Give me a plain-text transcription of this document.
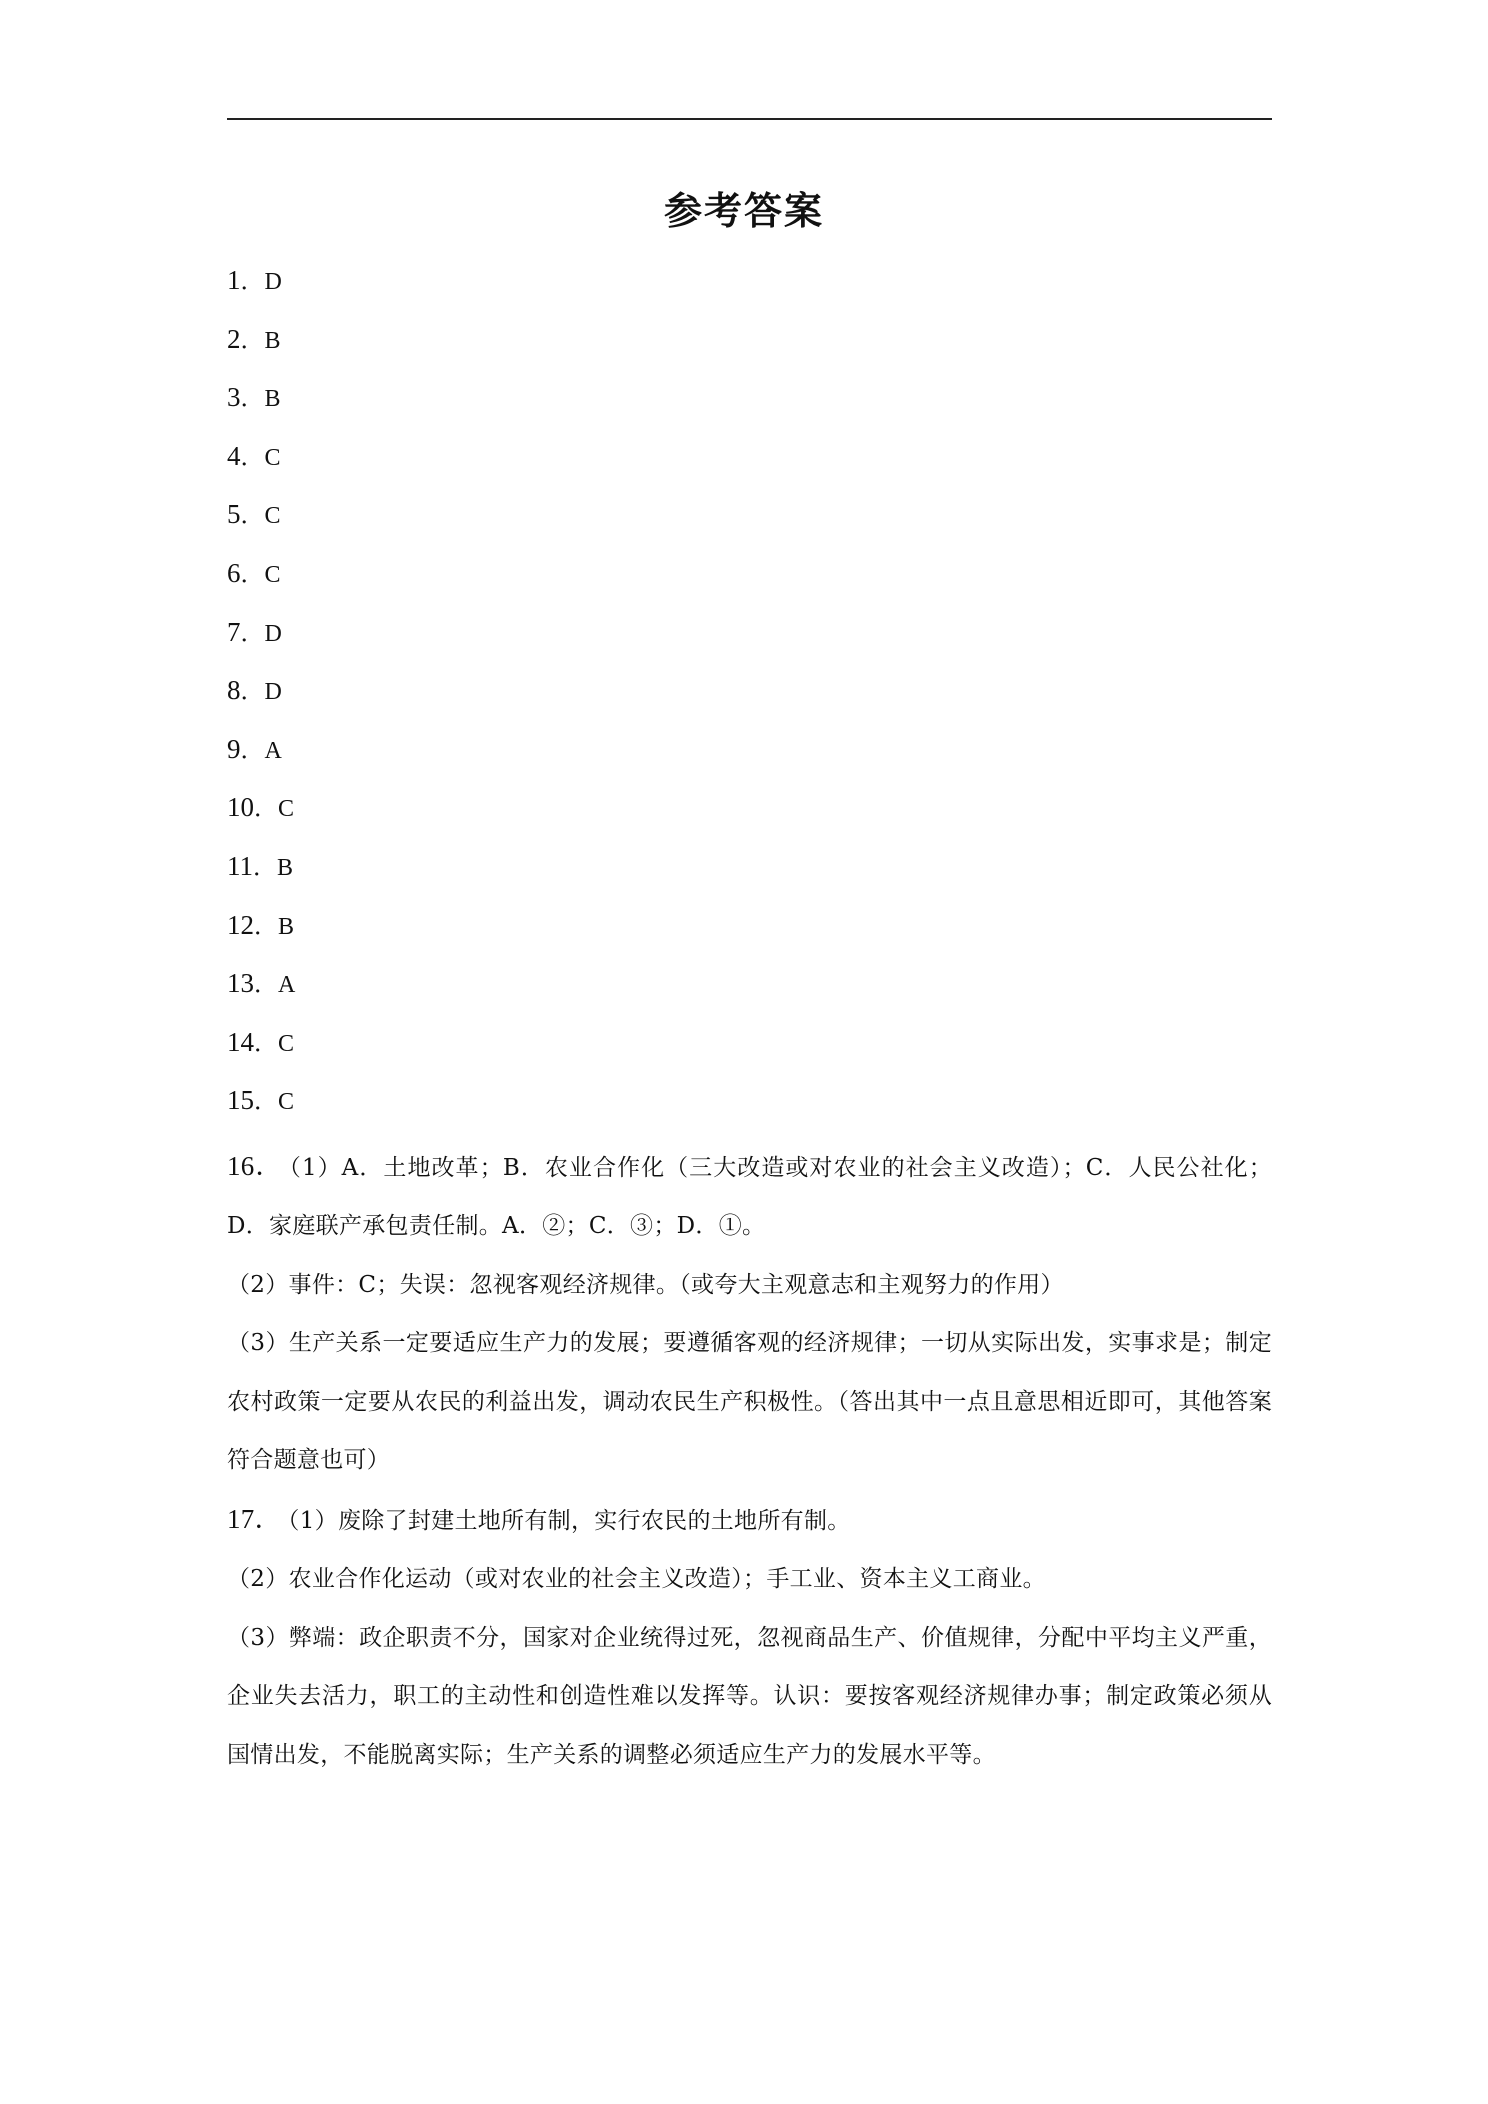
参考答案
1．D
2．B
3．B
4．C
5．C
6．C
7．D
8．D
9．A
10．C
11．B
12．B
13．A
14．C
15．C
16． （1）A．土地改革；B．农业合作化（三大改造或对农业的社会主义改造）；C．人民公社化；D．家庭联产承包责任制。A．②；C．③；D．①。
（2）事件：C；失误：忽视客观经济规律。（或夸大主观意志和主观努力的作用）
（3）生产关系一定要适应生产力的发展；要遵循客观的经济规律；一切从实际出发，实事求是；制定农村政策一定要从农民的利益出发，调动农民生产积极性。（答出其中一点且意思相近即可，其他答案符合题意也可）
17． （1）废除了封建土地所有制，实行农民的土地所有制。
（2）农业合作化运动（或对农业的社会主义改造）；手工业、资本主义工商业。
（3）弊端：政企职责不分，国家对企业统得过死，忽视商品生产、价值规律，分配中平均主义严重，企业失去活力，职工的主动性和创造性难以发挥等。认识：要按客观经济规律办事；制定政策必须从国情出发，不能脱离实际；生产关系的调整必须适应生产力的发展水平等。
